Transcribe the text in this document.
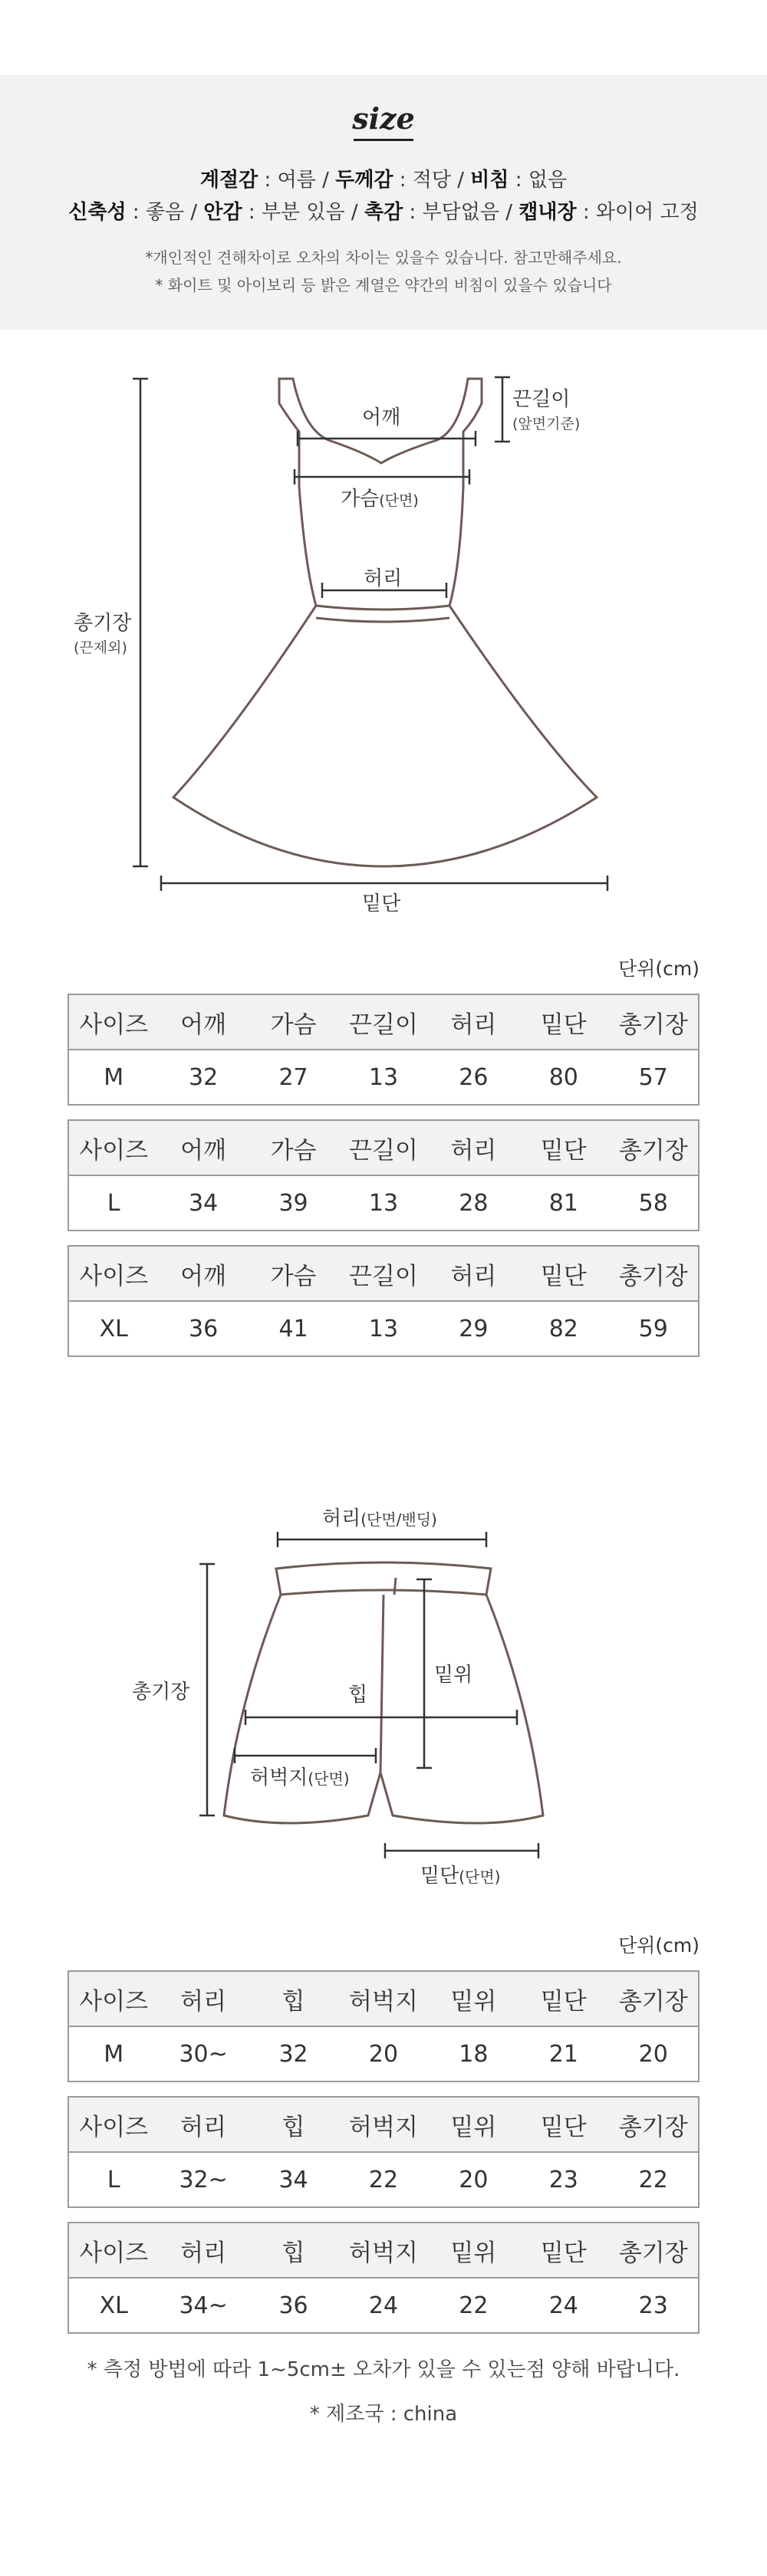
size
계절감 : 여름 / 두께감 : 적당 / 비침 : 없음
신축성 : 좋음 / 안감 : 부분 있음 / 촉감 : 부담없음 / 캡내장 : 와이어 고정
*개인적인 견해차이로 오차의 차이는 있을수 있습니다. 참고만해주세요.
* 화이트 및 아이보리 등 밝은 계열은 약간의 비침이 있을수 있습니다
어깨
끈길이
(앞면기준)
가슴(단면)
허리
총기장
(끈제외)
밑단
단위(cm)
사이즈	어깨	가슴	끈길이	허리	밑단	총기장
M	32	27	13	26	80	57
사이즈	어깨	가슴	끈길이	허리	밑단	총기장
L	34	39	13	28	81	58
사이즈	어깨	가슴	끈길이	허리	밑단	총기장
XL	36	41	13	29	82	59
허리(단면/밴딩)
총기장
밑위
힙
허벅지(단면)
밑단(단면)
단위(cm)
사이즈	허리	힙	허벅지	밑위	밑단	총기장
M	30~	32	20	18	21	20
사이즈	허리	힙	허벅지	밑위	밑단	총기장
L	32~	34	22	20	23	22
사이즈	허리	힙	허벅지	밑위	밑단	총기장
XL	34~	36	24	22	24	23
* 측정 방법에 따라 1~5cm± 오차가 있을 수 있는점 양해 바랍니다.
* 제조국 : china
